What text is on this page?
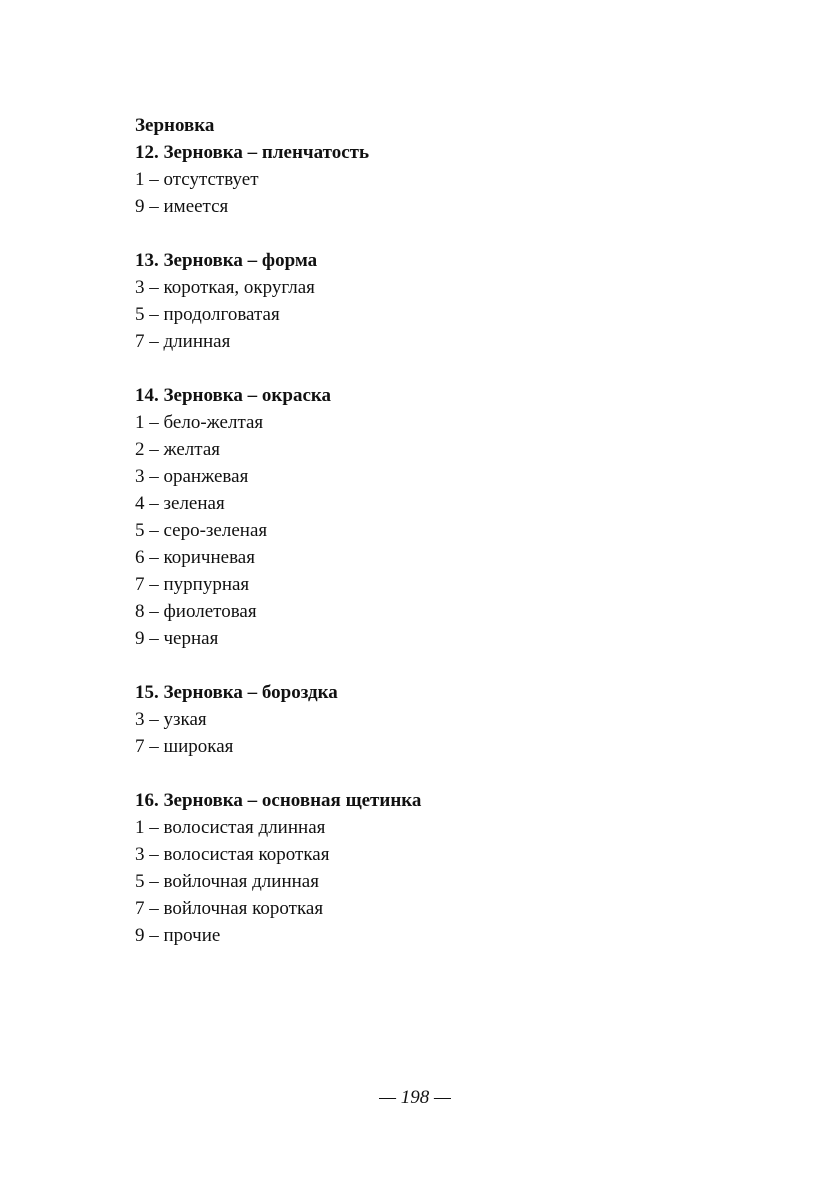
Зерновка
12. Зерновка – пленчатость
1 – отсутствует
9 – имеется
13. Зерновка – форма
3 – короткая, округлая
5 – продолговатая
7 – длинная
14. Зерновка – окраска
1 – бело-желтая
2 – желтая
3 – оранжевая
4 – зеленая
5 – серо-зеленая
6 – коричневая
7 – пурпурная
8 – фиолетовая
9 – черная
15. Зерновка – бороздка
3 – узкая
7 – широкая
16. Зерновка – основная щетинка
1 – волосистая длинная
3 – волосистая короткая
5 – войлочная длинная
7 – войлочная короткая
9 – прочие
— 198 —
